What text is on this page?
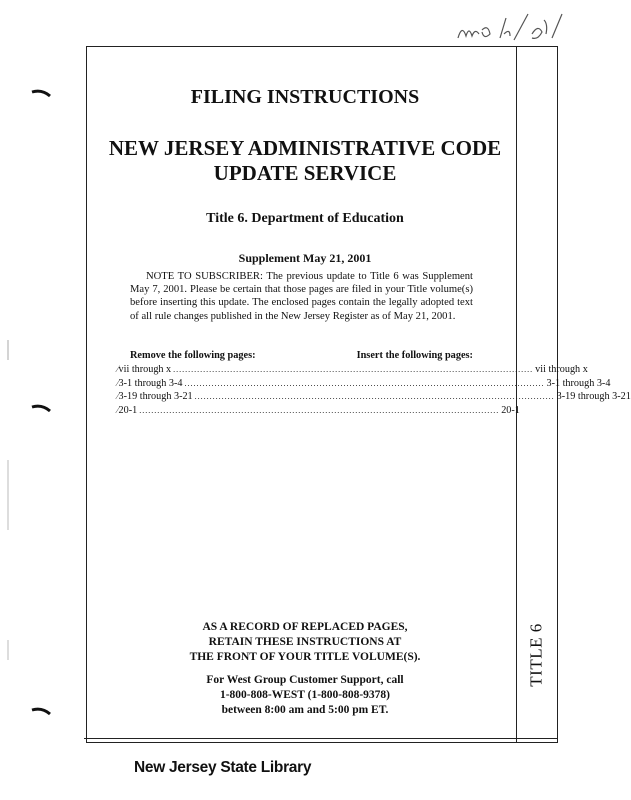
TITLE 6
FILING INSTRUCTIONS
NEW JERSEY ADMINISTRATIVE CODE
UPDATE SERVICE
Title 6. Department of Education
Supplement May 21, 2001

NOTE TO SUBSCRIBER: The previous update to Title 6 was Supplement May 7, 2001. Please be certain that those pages are filed in your Title volume(s) before inserting this update. The enclosed pages contain the legally adopted text of all rule changes published in the New Jersey Register as of May 21, 2001.

Remove the following pages:	Insert the following pages:
⁄ vii through x ........................................................................................................................ vii through x
⁄ 3-1 through 3-4 ........................................................................................................................ 3-1 through 3-4
⁄ 3-19 through 3-21 ........................................................................................................................ 3-19 through 3-21
⁄ 20-1 ........................................................................................................................ 20-1
AS A RECORD OF REPLACED PAGES,
RETAIN THESE INSTRUCTIONS AT
THE FRONT OF YOUR TITLE VOLUME(S).
For West Group Customer Support, call
1-800-808-WEST (1-800-808-9378)
between 8:00 am and 5:00 pm ET.
New Jersey State Library
